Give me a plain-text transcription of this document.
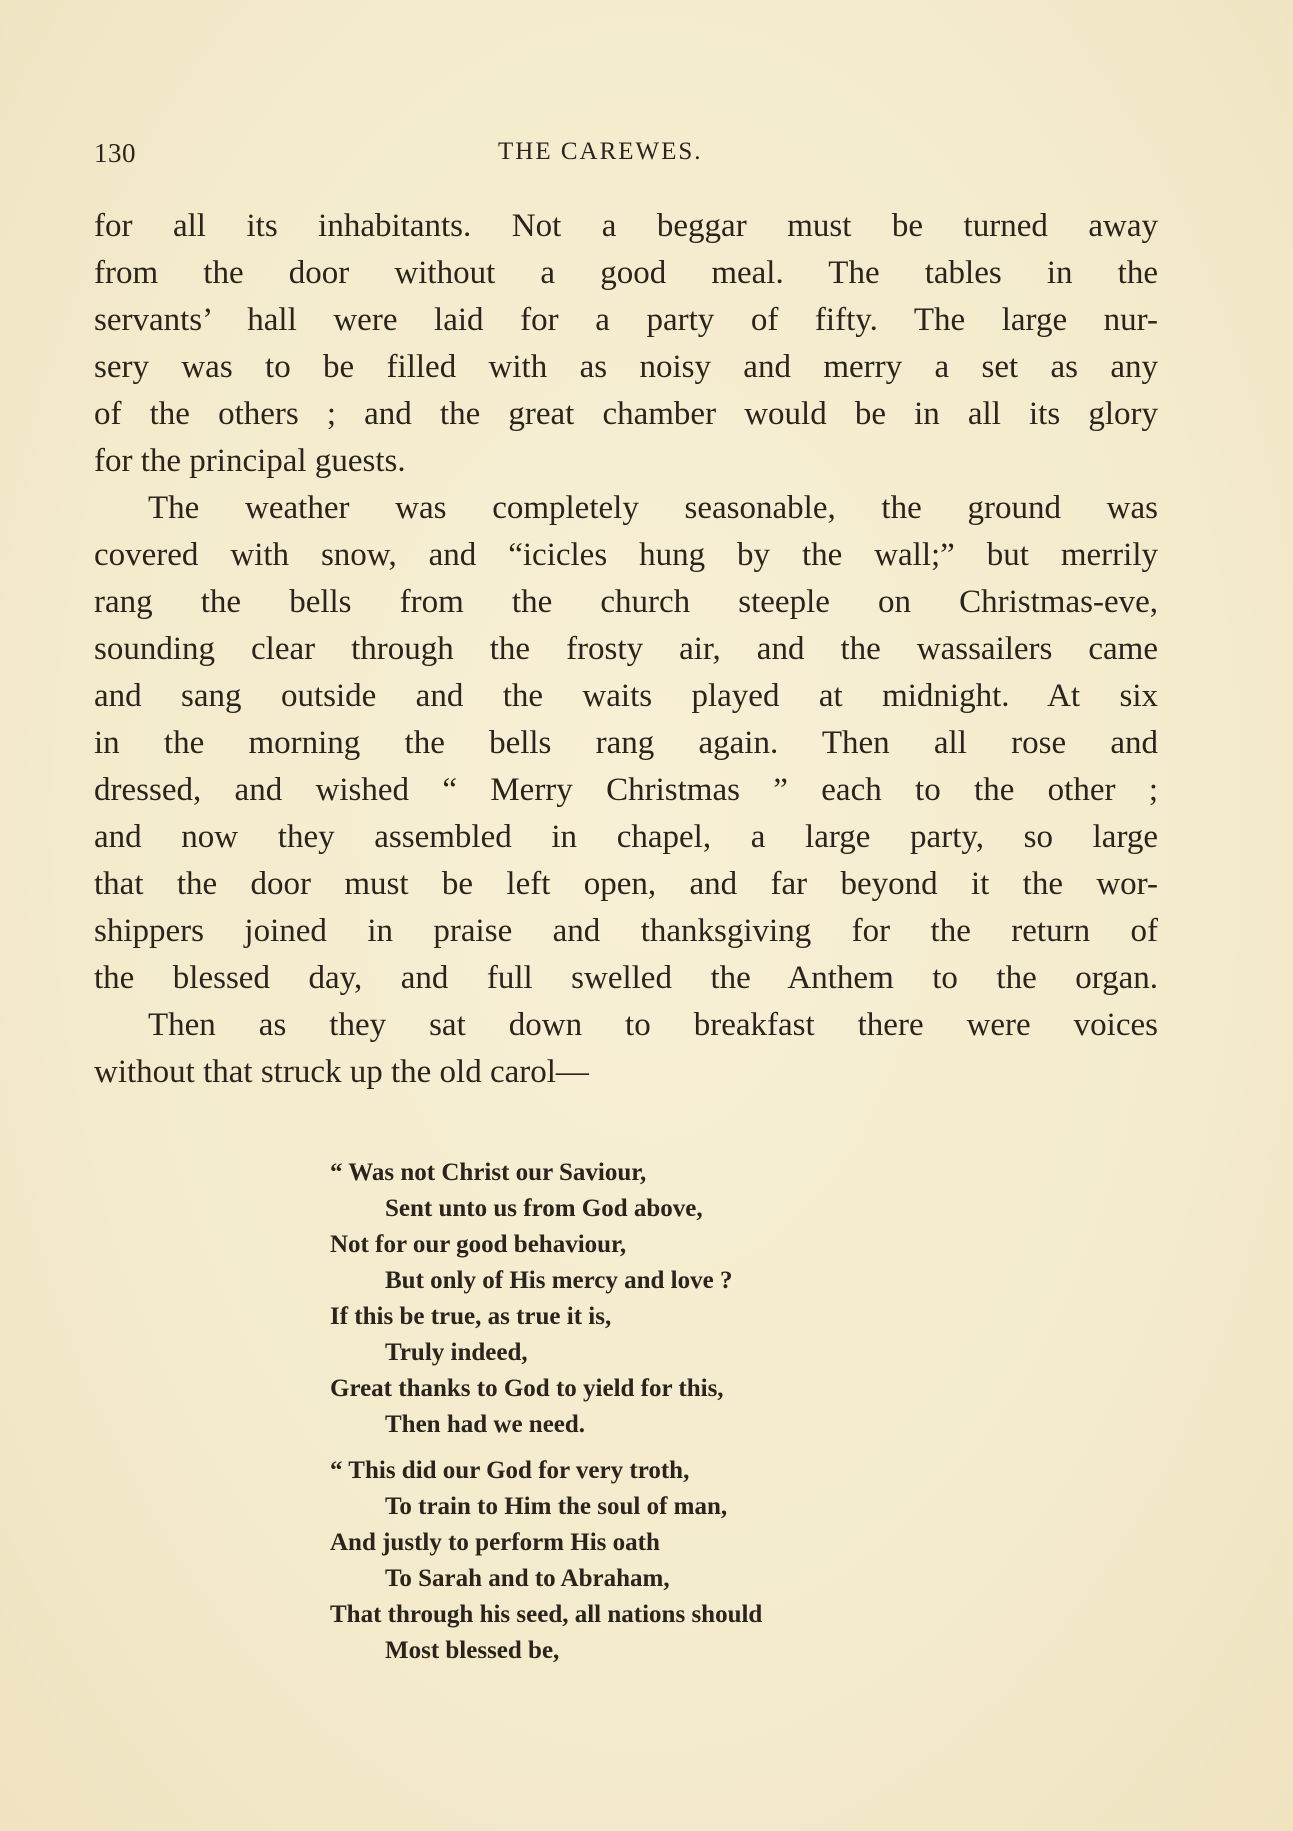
130	THE CAREWES.
for all its inhabitants. Not a beggar must be turned away
from the door without a good meal. The tables in the
servants’ hall were laid for a party of fifty. The large nur-
sery was to be filled with as noisy and merry a set as any
of the others ; and the great chamber would be in all its glory
for the principal guests.
The weather was completely seasonable, the ground was
covered with snow, and “icicles hung by the wall;” but merrily
rang the bells from the church steeple on Christmas-eve,
sounding clear through the frosty air, and the wassailers came
and sang outside and the waits played at midnight. At six
in the morning the bells rang again. Then all rose and
dressed, and wished “ Merry Christmas ” each to the other ;
and now they assembled in chapel, a large party, so large
that the door must be left open, and far beyond it the wor-
shippers joined in praise and thanksgiving for the return of
the blessed day, and full swelled the Anthem to the organ.
Then as they sat down to breakfast there were voices
without that struck up the old carol—
“ Was not Christ our Saviour,
Sent unto us from God above,
Not for our good behaviour,
But only of His mercy and love ?
If this be true, as true it is,
Truly indeed,
Great thanks to God to yield for this,
Then had we need.
“ This did our God for very troth,
To train to Him the soul of man,
And justly to perform His oath
To Sarah and to Abraham,
That through his seed, all nations should
Most blessed be,
